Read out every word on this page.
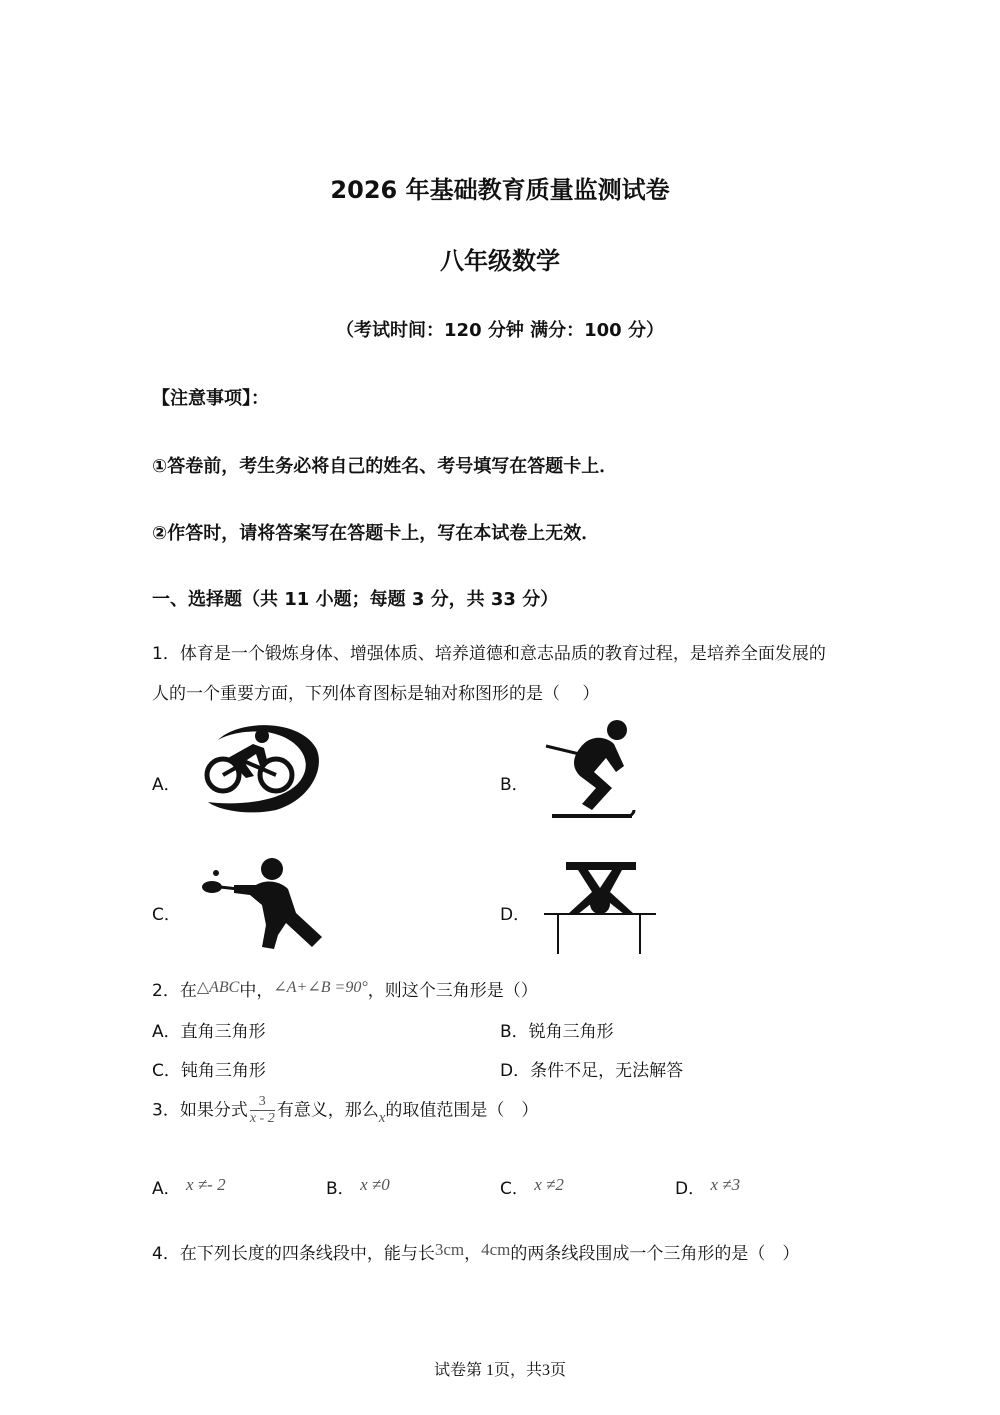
2026 年基础教育质量监测试卷
八年级数学
（考试时间：120 分钟 满分：100 分）
【注意事项】：
①答卷前，考生务必将自己的姓名、考号填写在答题卡上．
②作答时，请将答案写在答题卡上，写在本试卷上无效．
一、选择题（共 11 小题；每题 3 分，共 33 分）
1．体育是一个锻炼身体、增强体质、培养道德和意志品质的教育过程，是培养全面发展的
人的一个重要方面，下列体育图标是轴对称图形的是（　 ）
A．	B．
C．	D．
2．在△ABC中，∠A+∠B =90°，则这个三角形是（）
A．直角三角形	B．锐角三角形
C．钝角三角形	D．条件不足，无法解答
3．如果分式 $\frac{3}{x - 2}$ 有意义，那么x的取值范围是（　）
A． x ≠- 2	B． x ≠0	C． x ≠2	D． x ≠3
4．在下列长度的四条线段中，能与长3cm，4cm的两条线段围成一个三角形的是（　）
试卷第 1页，共3页
